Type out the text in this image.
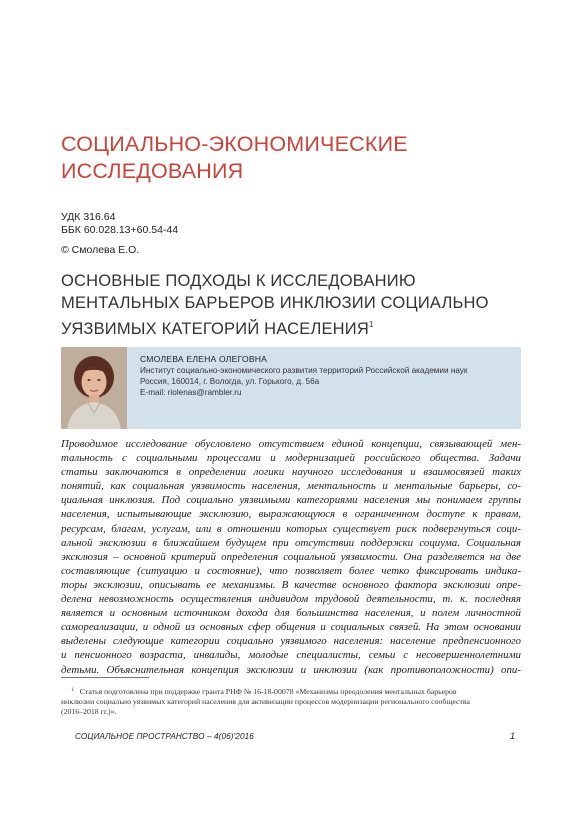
СОЦИАЛЬНО-ЭКОНОМИЧЕСКИЕ
ИССЛЕДОВАНИЯ
УДК 316.64
ББК 60.028.13+60.54-44
© Смолева Е.О.
ОСНОВНЫЕ ПОДХОДЫ К ИССЛЕДОВАНИЮ
МЕНТАЛЬНЫХ БАРЬЕРОВ ИНКЛЮЗИИ СОЦИАЛЬНО
УЯЗВИМЫХ КАТЕГОРИЙ НАСЕЛЕНИЯ$^1$
СМОЛЕВА ЕЛЕНА ОЛЕГОВНА
Институт социально-экономического развития территорий Российской академии наук
Россия, 160014, г. Вологда, ул. Горького, д. 56а
E-mail: riolenas@rambler.ru
Проводимое исследование обусловлено отсутствием единой концепции, связывающей мен-
тальность с социальными процессами и модернизацией российского общества. Задачи
статьи заключаются в определении логики научного исследования и взаимосвязей таких
понятий, как социальная уязвимость населения, ментальность и ментальные барьеры, со-
циальная инклюзия. Под социально уязвимыми категориями населения мы понимаем группы
населения, испытывающие эксклюзию, выражающуюся в ограниченном доступе к правам,
ресурсам, благам, услугам, или в отношении которых существует риск подвергнуться соци-
альной эксклюзии в ближайшем будущем при отсутствии поддержки социума. Социальная
эксклюзия – основной критерий определения социальной уязвимости. Она разделяется на две
составляющие (ситуацию и состояние), что позволяет более четко фиксировать индика-
торы эксклюзии, описывать ее механизмы. В качестве основного фактора эксклюзии опре-
делена невозможность осуществления индивидом трудовой деятельности, т. к. последняя
является и основным источником дохода для большинства населения, и полем личностной
самореализации, и одной из основных сфер общения и социальных связей. На этом основании
выделены следующие категории социально уязвимого населения: население предпенсионного
и пенсионного возраста, инвалиды, молодые специалисты, семьи с несовершеннолетними
детьми. Объяснительная концепция эксклюзии и инклюзии (как противоположности) опи-
$^1$ Статья подготовлена при поддержке гранта РНФ № 16-18-00078 «Механизмы преодоления ментальных барьеров
инклюзии социально уязвимых категорий населения для активизации процессов модернизации регионального сообщества
(2016–2018 гг.)».
СОЦИАЛЬНОЕ ПРОСТРАНСТВО – 4(06)'2016	1
